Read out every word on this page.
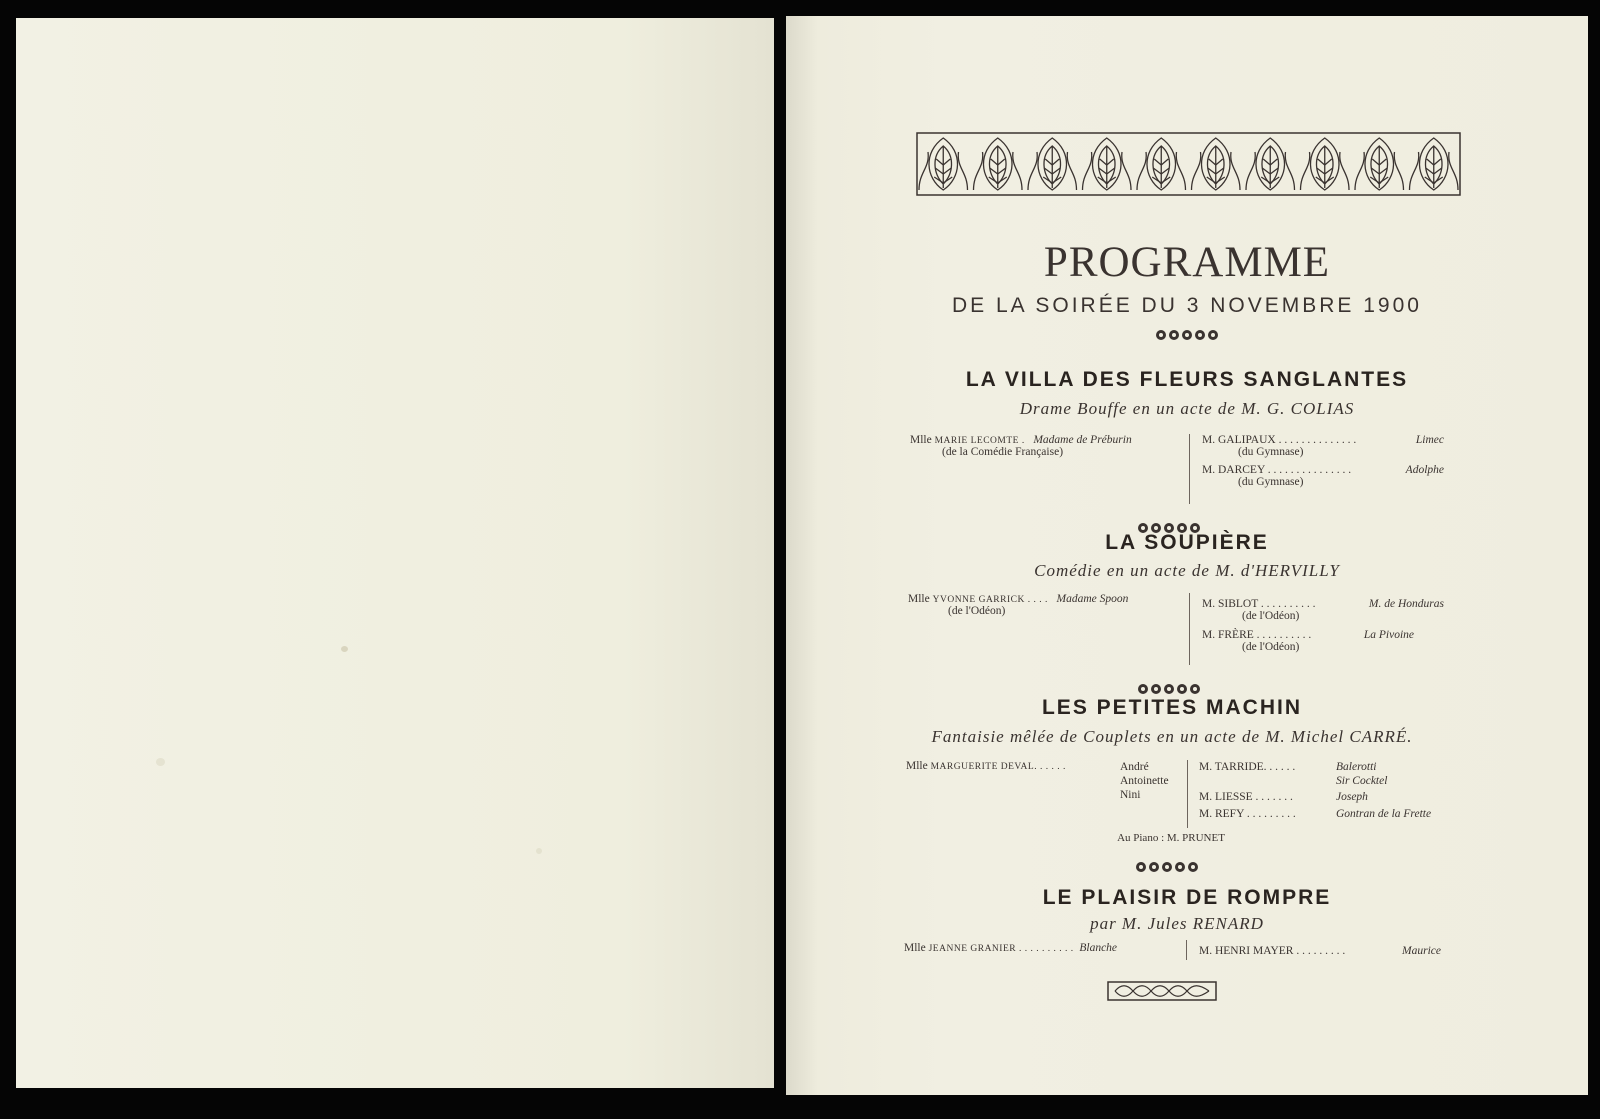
PROGRAMME
DE LA SOIRÉE DU 3 NOVEMBRE 1900
LA VILLA DES FLEURS SANGLANTES
Drame Bouffe en un acte de M. G. COLIAS
Mlle MARIE LECOMTE . Madame de Préburin
(de la Comédie Française)
M. GALIPAUX . . . . . . . . . . . . . .	Limec

(du Gymnase)
M. DARCEY . . . . . . . . . . . . . . .	Adolphe

(du Gymnase)
LA SOUPIÈRE
Comédie en un acte de M. d'HERVILLY
Mlle YVONNE GARRICK . . . . Madame Spoon
(de l'Odéon)
M. SIBLOT . . . . . . . . . .	M. de Honduras

(de l'Odéon)
M. FRÈRE . . . . . . . . . .	La Pivoine

(de l'Odéon)
LES PETITES MACHIN
Fantaisie mêlée de Couplets en un acte de M. Michel CARRÉ.
Mlle MARGUERITE DEVAL. . . . . .	André
Antoinette
Nini
M. TARRIDE. . . . . .	Balerotti
Sir Cocktel
M. LIESSE . . . . . . .	Joseph
M. REFY . . . . . . . . .	Gontran de la Frette
Au Piano : M. PRUNET
LE PLAISIR DE ROMPRE
par M. Jules RENARD
Mlle JEANNE GRANIER . . . . . . . . . . Blanche	M. HENRI MAYER . . . . . . . . .	Maurice
